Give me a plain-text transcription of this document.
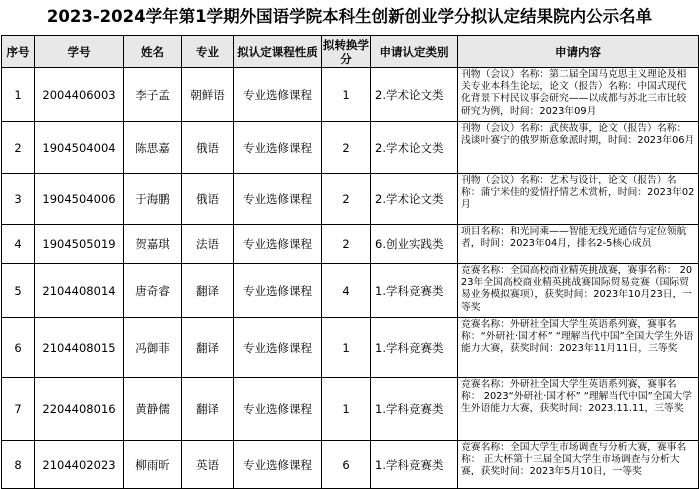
2023-2024学年第1学期外国语学院本科生创新创业学分拟认定结果院内公示名单
序号	学号	姓名	专业	拟认定课程性质	拟转换学分	申请认定类别	申请内容
1	2004406003	李子孟	朝鲜语	专业选修课程	1	2.学术论文类	刊物（会议）名称：第二届全国马克思主义理论及相关专业本科生论坛，论文（报告）名称：中国式现代化背景下村民议事会研究——以成都与苏北三市比较研究为例，时间：2023年09月
2	1904504004	陈思嘉	俄语	专业选修课程	2	2.学术论文类	刊物（会议）名称：武侠故事，论文（报告）名称：浅谈叶赛宁的俄罗斯意象派时期，时间：2023年06月
3	1904504006	于海鹏	俄语	专业选修课程	2	2.学术论文类	刊物（会议）名称：艺术与设计，论文（报告）名称：蒲宁米佳的爱情抒情艺术赏析，时间：2023年02月
4	1904505019	贺嘉琪	法语	专业选修课程	2	6.创业实践类	项目名称：和光同乘——智能无线光通信与定位领航者，时间：2023年04月，排名2-5核心成员
5	2104408014	唐奇睿	翻译	专业选修课程	4	1.学科竞赛类	竞赛名称：全国高校商业精英挑战赛，赛事名称： 2023年全国高校商业精英挑战赛国际贸易竞赛（国际贸易业务模拟赛项），获奖时间：2023年10月23日，一等奖
6	2104408015	冯御菲	翻译	专业选修课程	1	1.学科竞赛类	竞赛名称：外研社全国大学生英语系列赛，赛事名称：“外研社·国才杯” “理解当代中国”全国大学生外语能力大赛，获奖时间：2023年11月11日，三等奖
7	2204408016	黄静儒	翻译	专业选修课程	1	1.学科竞赛类	竞赛名称：外研社全国大学生英语系列赛，赛事名称： 2023“外研社·国才杯” “理解当代中国”全国大学生外语能力大赛，获奖时间：2023.11.11，三等奖
8	2104402023	柳雨昕	英语	专业选修课程	6	1.学科竞赛类	竞赛名称：全国大学生市场调查与分析大赛，赛事名称： 正大杯第十三届全国大学生市场调查与分析大赛，获奖时间：2023年5月10日，一等奖
